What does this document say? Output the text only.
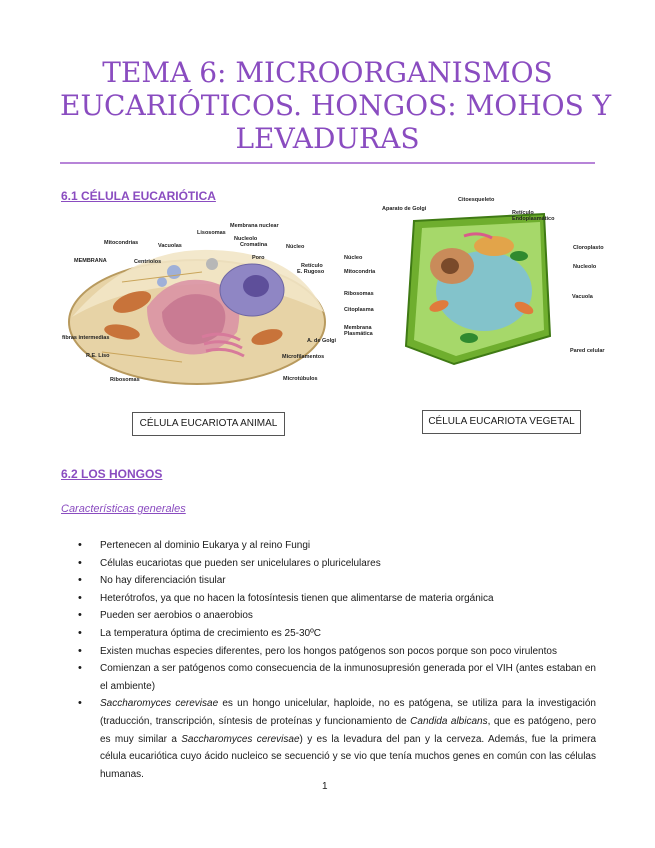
TEMA 6: MICROORGANISMOS
EUCARIÓTICOS. HONGOS: MOHOS Y
LEVADURAS
6.1 CÉLULA EUCARIÓTICA
Membrana nuclear
Lisosomas
Nucleolo
Cromatina	Núcleo
Mitocondrias	Vacuolas
MEMBRANA	Centriolos
Poro
Retículo
E. Rugoso
fibras intermedias	A. de Golgi
R.E. Liso	Microfilamentos
Ribosomas	Microtúbulos
Aparato de Golgi
Citoesqueleto
Retículo
Endoplasmático
Cloroplasto
Núcleo
Nucleolo
Mitocondria
Ribosomas	Vacuola
Citoplasma
Membrana
Plasmática
Pared celular
CÉLULA EUCARIOTA ANIMAL	CÉLULA EUCARIOTA VEGETAL
6.2 LOS HONGOS
Características generales
• Pertenecen al dominio Eukarya y al reino Fungi
• Células eucariotas que pueden ser unicelulares o pluricelulares
• No hay diferenciación tisular
• Heterótrofos, ya que no hacen la fotosíntesis tienen que alimentarse de materia orgánica
• Pueden ser aerobios o anaerobios
• La temperatura óptima de crecimiento es 25-30ºC
• Existen muchas especies diferentes, pero los hongos patógenos son pocos porque son poco virulentos
• Comienzan a ser patógenos como consecuencia de la inmunosupresión generada por el VIH (antes estaban en el ambiente)
• Saccharomyces cerevisae es un hongo unicelular, haploide, no es patógena, se utiliza para la investigación (traducción, transcripción, síntesis de proteínas y funcionamiento de Candida albicans, que es patógeno, pero es muy similar a Saccharomyces cerevisae) y es la levadura del pan y la cerveza. Además, fue la primera célula eucariótica cuyo ácido nucleico se secuenció y se vio que tenía muchos genes en común con las células humanas.
1
